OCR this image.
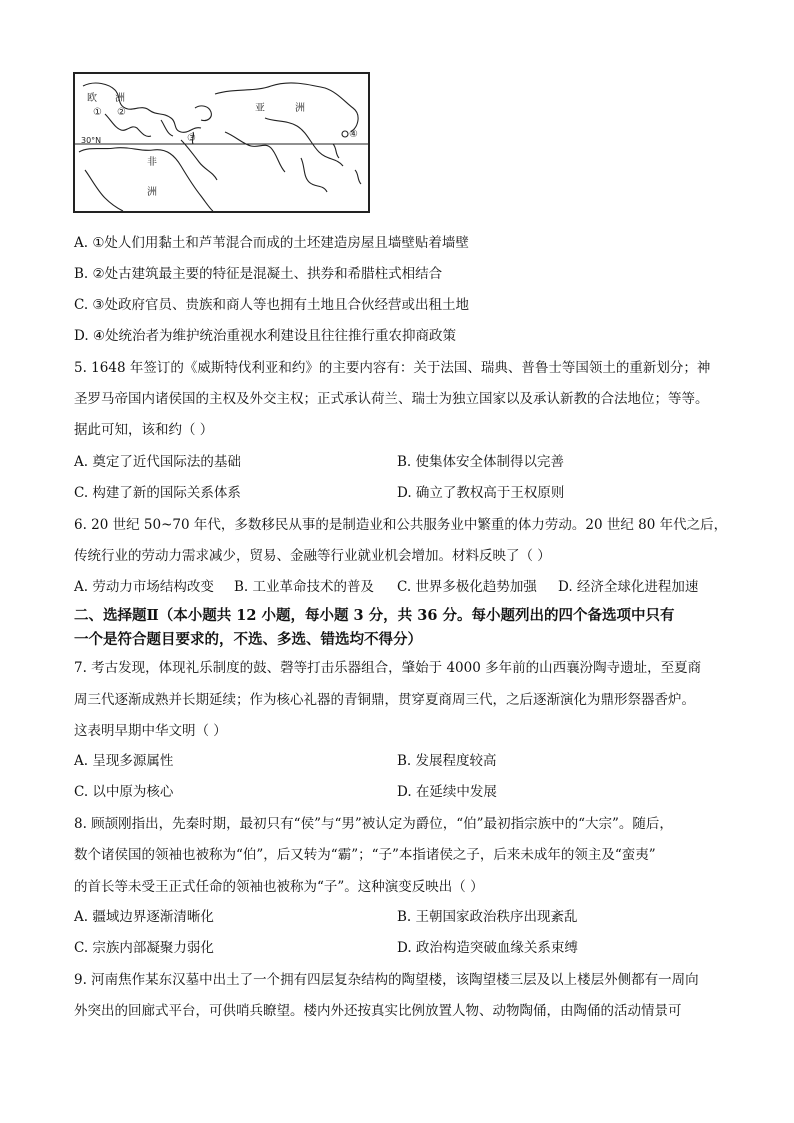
欧 洲
亚	洲
非
洲
30°N
① ②
③	④
A. ①处人们用黏土和芦苇混合而成的土坯建造房屋且墙壁贴着墙壁
B. ②处古建筑最主要的特征是混凝土、拱券和希腊柱式相结合
C. ③处政府官员、贵族和商人等也拥有土地且合伙经营或出租土地
D. ④处统治者为维护统治重视水利建设且往往推行重农抑商政策
5. 1648 年签订的《威斯特伐利亚和约》的主要内容有：关于法国、瑞典、普鲁士等国领土的重新划分；神
圣罗马帝国内诸侯国的主权及外交主权；正式承认荷兰、瑞士为独立国家以及承认新教的合法地位；等等。
据此可知，该和约（ ）
A. 奠定了近代国际法的基础	B. 使集体安全体制得以完善
C. 构建了新的国际关系体系	D. 确立了教权高于王权原则
6. 20 世纪 50~70 年代，多数移民从事的是制造业和公共服务业中繁重的体力劳动。20 世纪 80 年代之后，
传统行业的劳动力需求减少，贸易、金融等行业就业机会增加。材料反映了（ ）
A. 劳动力市场结构改变 B. 工业革命技术的普及 C. 世界多极化趋势加强 D. 经济全球化进程加速
二、选择题Ⅱ（本小题共 12 小题，每小题 3 分，共 36 分。每小题列出的四个备选项中只有
一个是符合题目要求的，不选、多选、错选均不得分）
7. 考古发现，体现礼乐制度的鼓、磬等打击乐器组合，肇始于 4000 多年前的山西襄汾陶寺遗址，至夏商
周三代逐渐成熟并长期延续；作为核心礼器的青铜鼎，贯穿夏商周三代，之后逐渐演化为鼎形祭器香炉。
这表明早期中华文明（ ）
A. 呈现多源属性	B. 发展程度较高
C. 以中原为核心	D. 在延续中发展
8. 顾颉刚指出，先秦时期，最初只有“侯”与“男”被认定为爵位，“伯”最初指宗族中的“大宗”。随后，
数个诸侯国的领袖也被称为“伯”，后又转为“霸”；“子”本指诸侯之子，后来未成年的领主及“蛮夷”
的首长等未受王正式任命的领袖也被称为“子”。这种演变反映出（ ）
A. 疆域边界逐渐清晰化	B. 王朝国家政治秩序出现紊乱
C. 宗族内部凝聚力弱化	D. 政治构造突破血缘关系束缚
9. 河南焦作某东汉墓中出土了一个拥有四层复杂结构的陶望楼，该陶望楼三层及以上楼层外侧都有一周向
外突出的回廊式平台，可供哨兵瞭望。楼内外还按真实比例放置人物、动物陶俑，由陶俑的活动情景可
